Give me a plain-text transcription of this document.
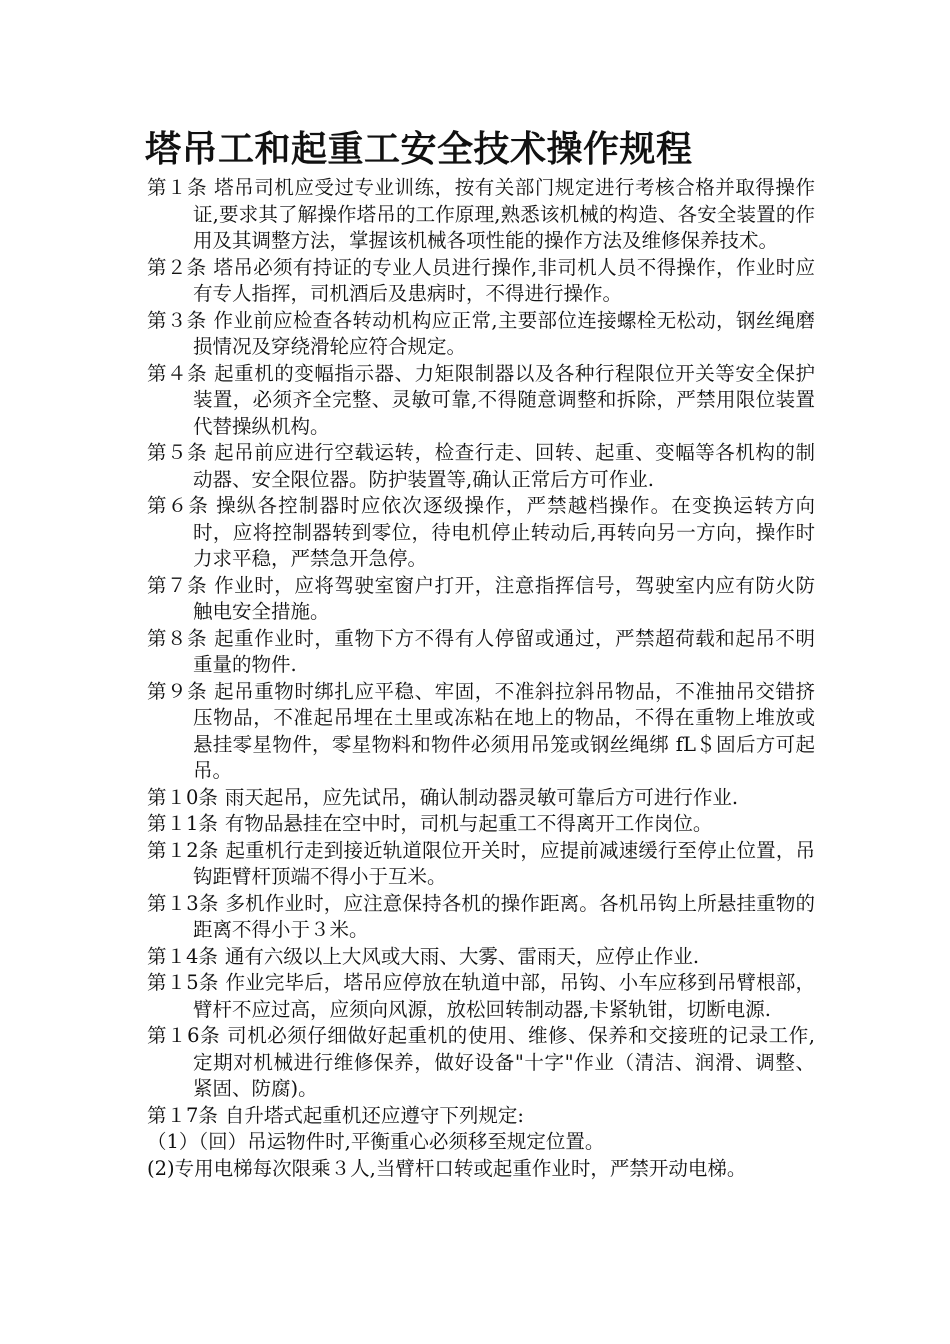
塔吊工和起重工安全技术操作规程

第１条 塔吊司机应受过专业训练，按有关部门规定进行考核合格并取得操作证,要求其了解操作塔吊的工作原理,熟悉该机械的构造、各安全装置的作用及其调整方法，掌握该机械各项性能的操作方法及维修保养技术。

第２条 塔吊必须有持证的专业人员进行操作,非司机人员不得操作，作业时应有专人指挥，司机酒后及患病时，不得进行操作。

第３条 作业前应检查各转动机构应正常,主要部位连接螺栓无松动，钢丝绳磨损情况及穿绕滑轮应符合规定。

第４条 起重机的变幅指示器、力矩限制器以及各种行程限位开关等安全保护装置，必须齐全完整、灵敏可靠,不得随意调整和拆除，严禁用限位装置代替操纵机构。

第５条 起吊前应进行空载运转，检查行走、回转、起重、变幅等各机构的制动器、安全限位器。防护装置等,确认正常后方可作业.

第６条 操纵各控制器时应依次逐级操作，严禁越档操作。在变换运转方向时，应将控制器转到零位，待电机停止转动后,再转向另一方向，操作时力求平稳，严禁急开急停。

第７条 作业时，应将驾驶室窗户打开，注意指挥信号，驾驶室内应有防火防触电安全措施。

第８条 起重作业时，重物下方不得有人停留或通过，严禁超荷载和起吊不明重量的物件.

第９条 起吊重物时绑扎应平稳、牢固，不准斜拉斜吊物品，不准抽吊交错挤压物品，不准起吊埋在土里或冻粘在地上的物品，不得在重物上堆放或悬挂零星物件，零星物料和物件必须用吊笼或钢丝绳绑 fL＄固后方可起吊。

第１0条 雨天起吊，应先试吊，确认制动器灵敏可靠后方可进行作业.

第１1条 有物品悬挂在空中时，司机与起重工不得离开工作岗位。

第１2条 起重机行走到接近轨道限位开关时，应提前减速缓行至停止位置，吊钩距臂杆顶端不得小于互米。

第１3条 多机作业时，应注意保持各机的操作距离。各机吊钩上所悬挂重物的距离不得小于３米。

第１4条 通有六级以上大风或大雨、大雾、雷雨天，应停止作业.

第１5条 作业完毕后，塔吊应停放在轨道中部，吊钩、小车应移到吊臂根部，臂杆不应过高，应须向风源，放松回转制动器,卡紧轨钳，切断电源.

第１6条 司机必须仔细做好起重机的使用、维修、保养和交接班的记录工作,定期对机械进行维修保养，做好设备"十字"作业（清洁、润滑、调整、紧固、防腐)。

第１7条 自升塔式起重机还应遵守下列规定:

（1）（回）吊运物件时,平衡重心必须移至规定位置。

(2)专用电梯每次限乘３人,当臂杆口转或起重作业时，严禁开动电梯。
